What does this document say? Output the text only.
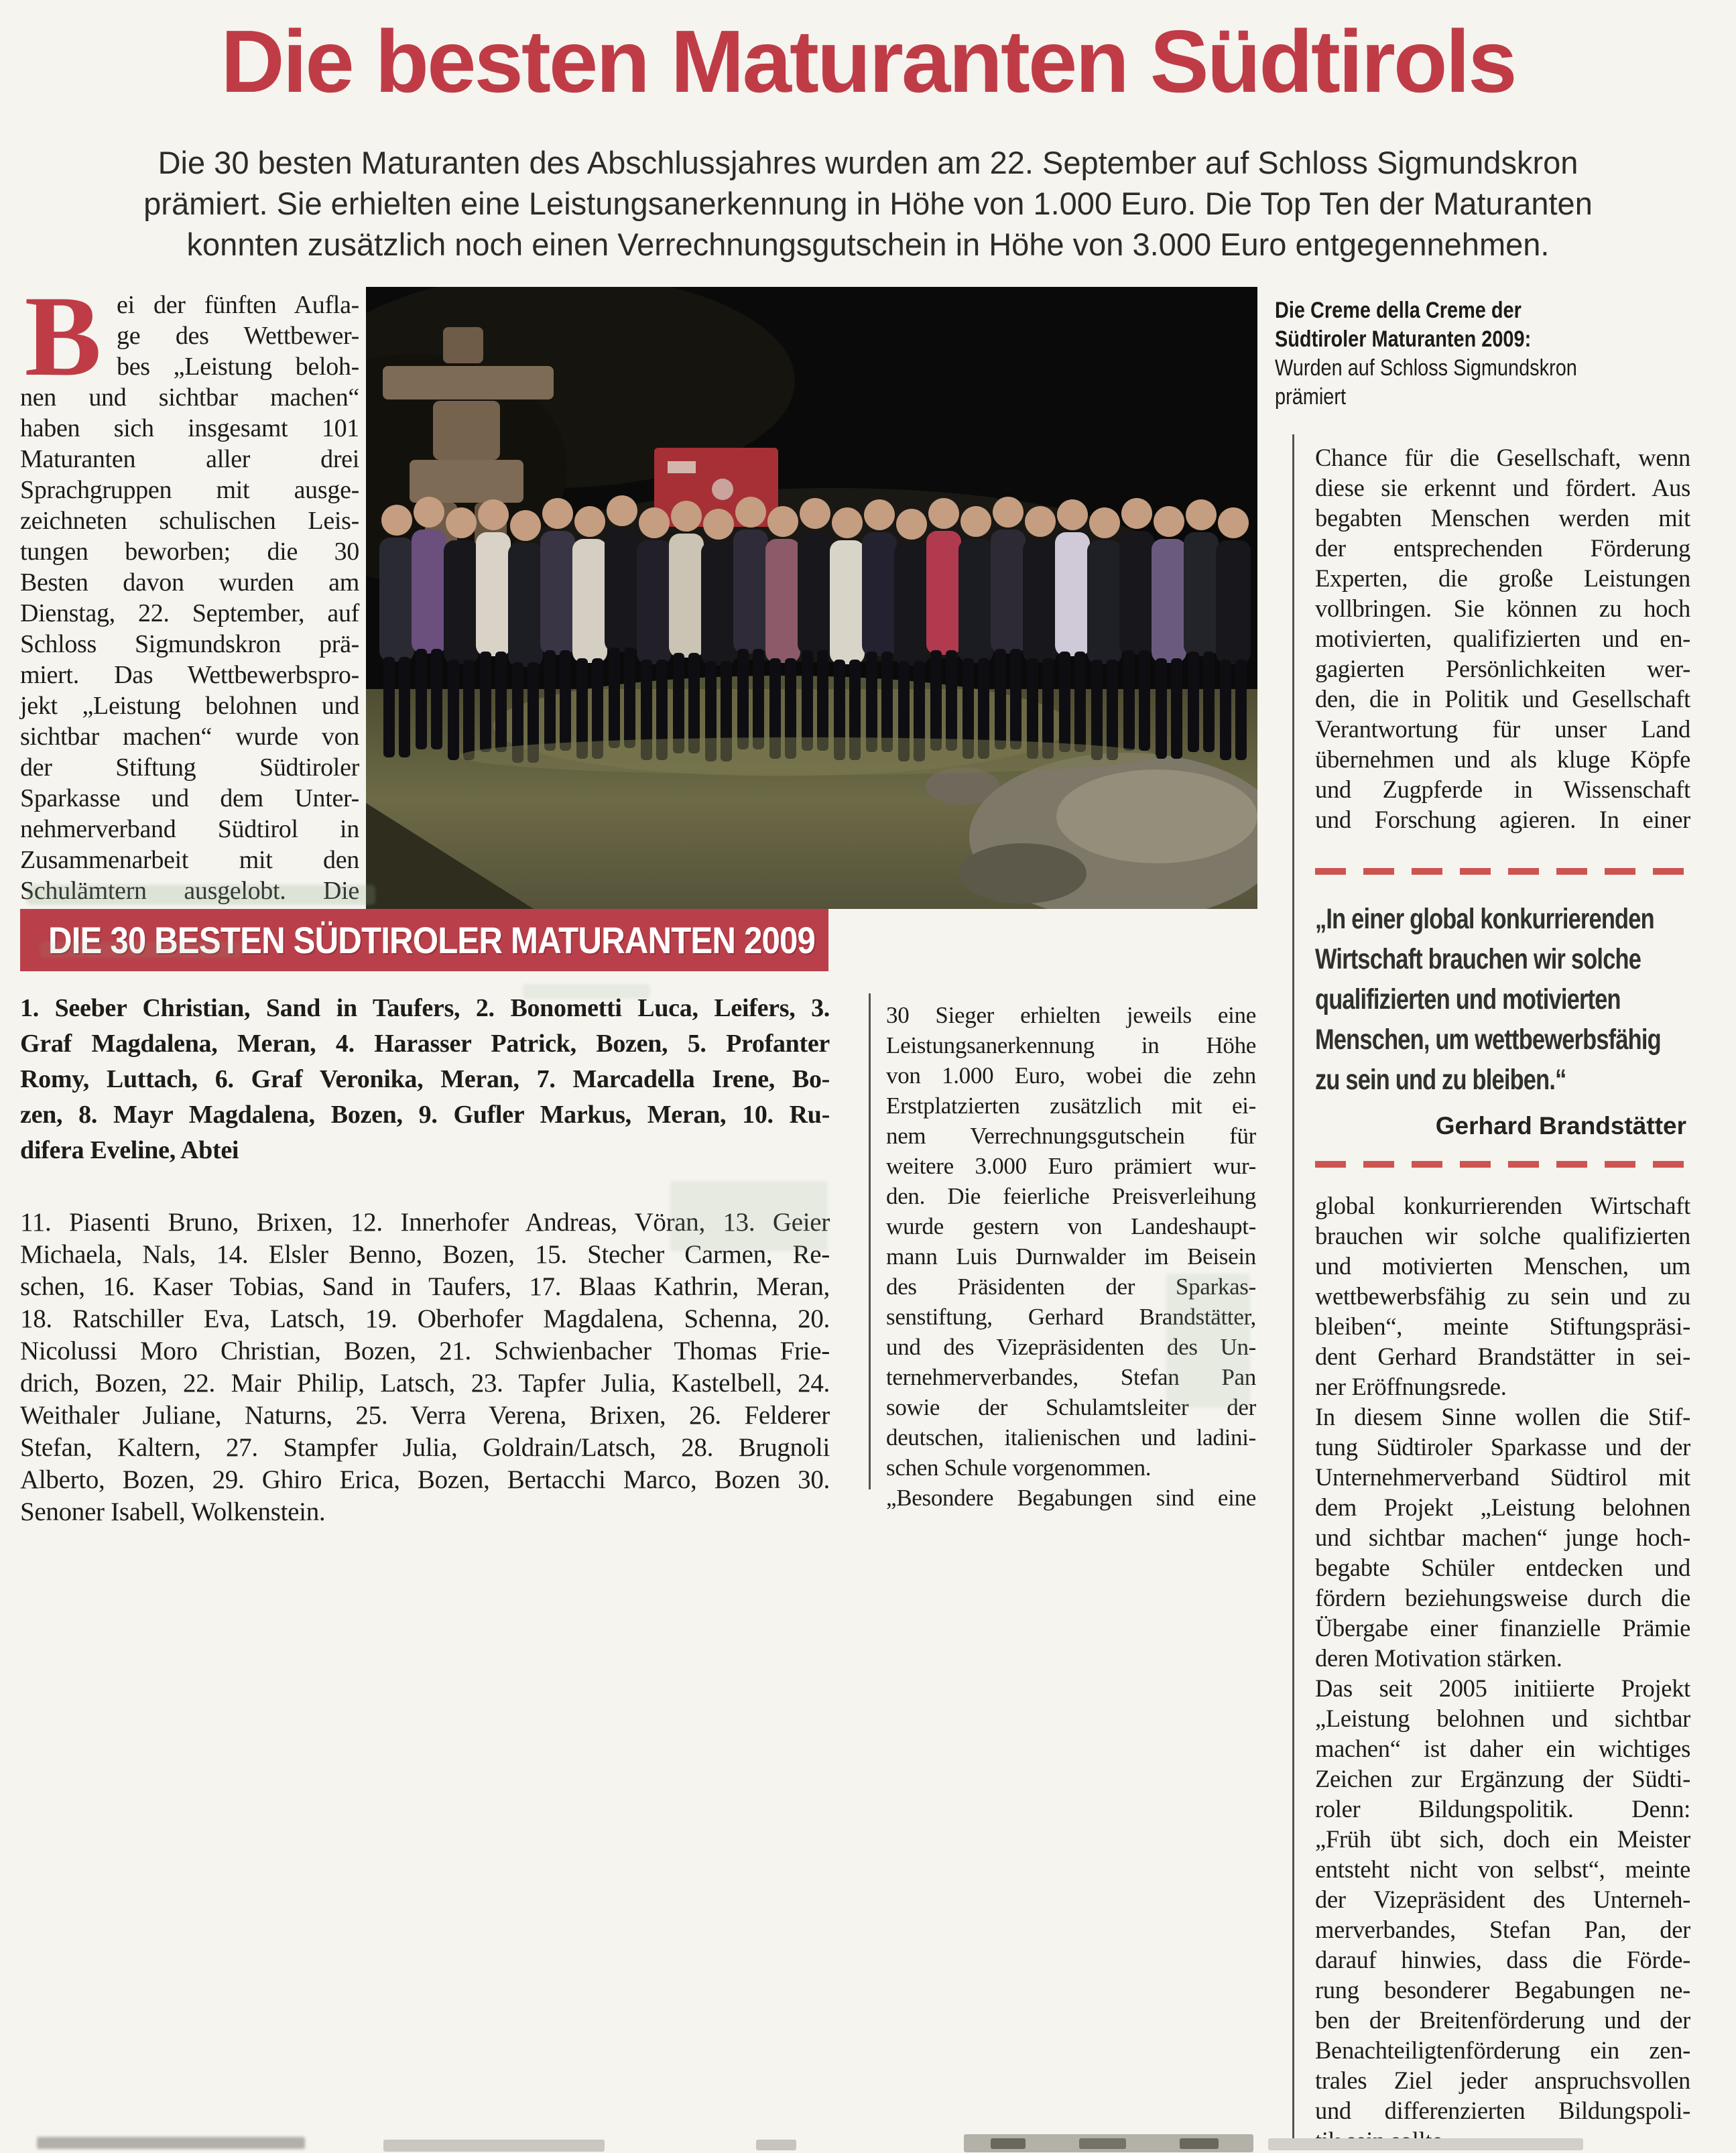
Die besten Maturanten Südtirols
Die 30 besten Maturanten des Abschlussjahres wurden am 22. September auf Schloss Sigmundskron
prämiert. Sie erhielten eine Leistungsanerkennung in Höhe von 1.000 Euro. Die Top Ten der Maturanten
konnten zusätzlich noch einen Verrechnungsgutschein in Höhe von 3.000 Euro entgegennehmen.
B ei der fünften Aufla-
ge des Wettbewer-
bes „Leistung beloh-
nen und sichtbar machen“
haben sich insgesamt 101
Maturanten aller drei
Sprachgruppen mit ausge-
zeichneten schulischen Leis-
tungen beworben; die 30
Besten davon wurden am
Dienstag, 22. September, auf
Schloss Sigmundskron prä-
miert. Das Wettbewerbspro-
jekt „Leistung belohnen und
sichtbar machen“ wurde von
der Stiftung Südtiroler
Sparkasse und dem Unter-
nehmerverband Südtirol in
Zusammenarbeit mit den
Schulämtern ausgelobt. Die
Die Creme della Creme der
Südtiroler Maturanten 2009:
Wurden auf Schloss Sigmundskron
prämiert
DIE 30 BESTEN SÜDTIROLER MATURANTEN 2009
1. Seeber Christian, Sand in Taufers, 2. Bonometti Luca, Leifers, 3.
Graf Magdalena, Meran, 4. Harasser Patrick, Bozen, 5. Profanter
Romy, Luttach, 6. Graf Veronika, Meran, 7. Marcadella Irene, Bo-
zen, 8. Mayr Magdalena, Bozen, 9. Gufler Markus, Meran, 10. Ru-
difera Eveline, Abtei
11. Piasenti Bruno, Brixen, 12. Innerhofer Andreas, Vöran, 13. Geier
Michaela, Nals, 14. Elsler Benno, Bozen, 15. Stecher Carmen, Re-
schen, 16. Kaser Tobias, Sand in Taufers, 17. Blaas Kathrin, Meran,
18. Ratschiller Eva, Latsch, 19. Oberhofer Magdalena, Schenna, 20.
Nicolussi Moro Christian, Bozen, 21. Schwienbacher Thomas Frie-
drich, Bozen, 22. Mair Philip, Latsch, 23. Tapfer Julia, Kastelbell, 24.
Weithaler Juliane, Naturns, 25. Verra Verena, Brixen, 26. Felderer
Stefan, Kaltern, 27. Stampfer Julia, Goldrain/Latsch, 28. Brugnoli
Alberto, Bozen, 29. Ghiro Erica, Bozen, Bertacchi Marco, Bozen 30.
Senoner Isabell, Wolkenstein.
30 Sieger erhielten jeweils eine
Leistungsanerkennung in Höhe
von 1.000 Euro, wobei die zehn
Erstplatzierten zusätzlich mit ei-
nem Verrechnungsgutschein für
weitere 3.000 Euro prämiert wur-
den. Die feierliche Preisverleihung
wurde gestern von Landeshaupt-
mann Luis Durnwalder im Beisein
des Präsidenten der Sparkas-
senstiftung, Gerhard Brandstätter,
und des Vizepräsidenten des Un-
ternehmerverbandes, Stefan Pan
sowie der Schulamtsleiter der
deutschen, italienischen und ladini-
schen Schule vorgenommen.
„Besondere Begabungen sind eine
Chance für die Gesellschaft, wenn
diese sie erkennt und fördert. Aus
begabten Menschen werden mit
der entsprechenden Förderung
Experten, die große Leistungen
vollbringen. Sie können zu hoch
motivierten, qualifizierten und en-
gagierten Persönlichkeiten wer-
den, die in Politik und Gesellschaft
Verantwortung für unser Land
übernehmen und als kluge Köpfe
und Zugpferde in Wissenschaft
und Forschung agieren. In einer
„In einer global konkurrierenden
Wirtschaft brauchen wir solche
qualifizierten und motivierten
Menschen, um wettbewerbsfähig
zu sein und zu bleiben.“
Gerhard Brandstätter
global konkurrierenden Wirtschaft
brauchen wir solche qualifizierten
und motivierten Menschen, um
wettbewerbsfähig zu sein und zu
bleiben“, meinte Stiftungspräsi-
dent Gerhard Brandstätter in sei-
ner Eröffnungsrede.
In diesem Sinne wollen die Stif-
tung Südtiroler Sparkasse und der
Unternehmerverband Südtirol mit
dem Projekt „Leistung belohnen
und sichtbar machen“ junge hoch-
begabte Schüler entdecken und
fördern beziehungsweise durch die
Übergabe einer finanzielle Prämie
deren Motivation stärken.
Das seit 2005 initiierte Projekt
„Leistung belohnen und sichtbar
machen“ ist daher ein wichtiges
Zeichen zur Ergänzung der Südti-
roler Bildungspolitik. Denn:
„Früh übt sich, doch ein Meister
entsteht nicht von selbst“, meinte
der Vizepräsident des Unterneh-
merverbandes, Stefan Pan, der
darauf hinwies, dass die Förde-
rung besonderer Begabungen ne-
ben der Breitenförderung und der
Benachteiligtenförderung ein zen-
trales Ziel jeder anspruchsvollen
und differenzierten Bildungspoli-
